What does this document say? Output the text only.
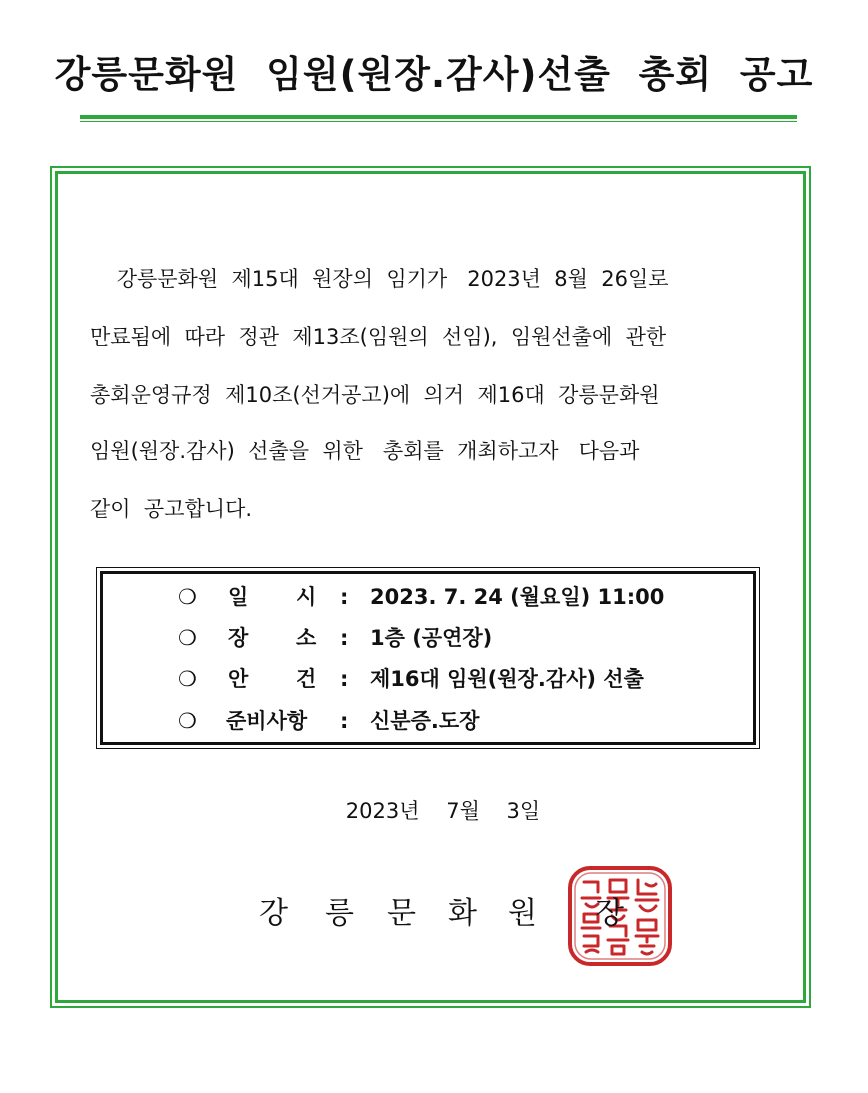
강릉문화원  임원(원장.감사)선출  총회  공고

강릉문화원  제15대  원장의  임기가   2023년  8월  26일로

만료됨에  따라  정관  제13조(임원의  선임),  임원선출에  관한

총회운영규정  제10조(선거공고)에  의거  제16대  강릉문화원

임원(원장.감사)  선출을  위한   총회를  개최하고자   다음과

같이  공고합니다.

❍

일

시

:

2023. 7. 24 (월요일) 11:00

❍

장

소

:

1층 (공연장)

❍

안

건

:

제16대 임원(원장.감사) 선출

❍

준비사항

:

신분증.도장

2023년    7월    3일
강 릉 문 화 원 장
